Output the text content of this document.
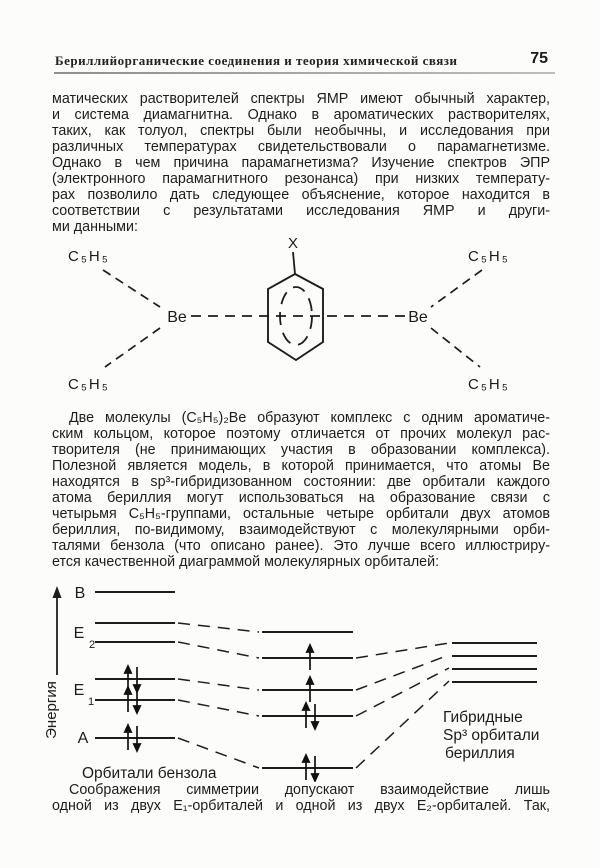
Бериллийорганические соединения и теория химической связи	75
матических растворителей спектры ЯМР имеют обычный характер,
и система диамагнитна. Однако в ароматических растворителях,
таких, как толуол, спектры были необычны, и исследования при
различных температурах свидетельствовали о парамагнетизме.
Однако в чем причина парамагнетизма? Изучение спектров ЭПР
(электронного парамагнитного резонанса) при низких температу-
рах позволило дать следующее объяснение, которое находится в
соответствии с результатами исследования ЯМР и други-
ми данными:
X
Be	Be
C₅H₅
C₅H₅
C₅H₅
C₅H₅
Две молекулы (C₅H₅)₂Be образуют комплекс с одним ароматиче-
ским кольцом, которое поэтому отличается от прочих молекул рас-
творителя (не принимающих участия в образовании комплекса).
Полезной является модель, в которой принимается, что атомы Be
находятся в sp³-гибридизованном состоянии: две орбитали каждого
атома бериллия могут использоваться на образование связи с
четырьмя C₅H₅-группами, остальные четыре орбитали двух атомов
бериллия, по-видимому, взаимодействуют с молекулярными орби-
талями бензола (что описано ранее). Это лучше всего иллюстриру-
ется качественной диаграммой молекулярных орбиталей:
Энергия
В
Е
2
Е
1
А
Орбитали бензола
Гибридные
Sp³ орбитали
бериллия
Соображения симметрии допускают взаимодействие лишь
одной из двух Е₁-орбиталей и одной из двух Е₂-орбиталей. Так,
